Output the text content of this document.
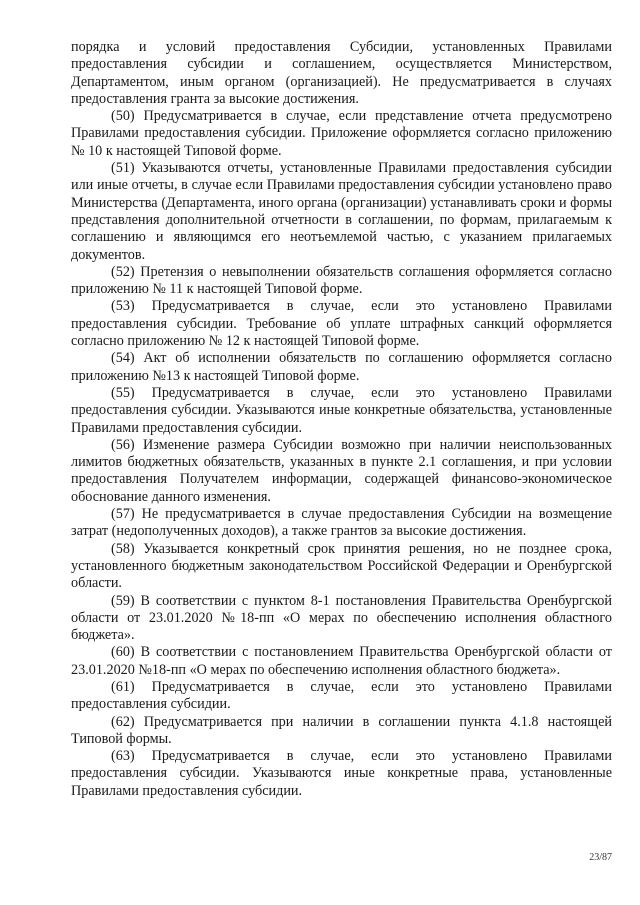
порядка и условий предоставления Субсидии, установленных Правилами предоставления субсидии и соглашением, осуществляется Министерством, Департаментом, иным органом (организацией). Не предусматривается в случаях предоставления гранта за высокие достижения.

(50) Предусматривается в случае, если представление отчета предусмотрено Правилами предоставления субсидии. Приложение оформляется согласно приложению № 10 к настоящей Типовой форме.

(51) Указываются отчеты, установленные Правилами предоставления субсидии или иные отчеты, в случае если Правилами предоставления субсидии установлено право Министерства (Департамента, иного органа (организации) устанавливать сроки и формы представления дополнительной отчетности в соглашении, по формам, прилагаемым к соглашению и являющимся его неотъемлемой частью, с указанием прилагаемых документов.

(52) Претензия о невыполнении обязательств соглашения оформляется согласно приложению № 11 к настоящей Типовой форме.

(53) Предусматривается в случае, если это установлено Правилами предоставления субсидии. Требование об уплате штрафных санкций оформляется согласно приложению № 12 к настоящей Типовой форме.

(54) Акт об исполнении обязательств по соглашению оформляется согласно приложению №13 к настоящей Типовой форме.

(55) Предусматривается в случае, если это установлено Правилами предоставления субсидии. Указываются иные конкретные обязательства, установленные Правилами предоставления субсидии.

(56) Изменение размера Субсидии возможно при наличии неиспользованных лимитов бюджетных обязательств, указанных в пункте 2.1 соглашения, и при условии предоставления Получателем информации, содержащей финансово-экономическое обоснование данного изменения.

(57) Не предусматривается в случае предоставления Субсидии на возмещение затрат (недополученных доходов), а также грантов за высокие достижения.

(58) Указывается конкретный срок принятия решения, но не позднее срока, установленного бюджетным законодательством Российской Федерации и Оренбургской области.

(59) В соответствии с пунктом 8-1 постановления Правительства Оренбургской области от 23.01.2020 №18-пп «О мерах по обеспечению исполнения областного бюджета».

(60) В соответствии с постановлением Правительства Оренбургской области от 23.01.2020 №18-пп «О мерах по обеспечению исполнения областного бюджета».

(61) Предусматривается в случае, если это установлено Правилами предоставления субсидии.

(62) Предусматривается при наличии в соглашении пункта 4.1.8 настоящей Типовой формы.

(63) Предусматривается в случае, если это установлено Правилами предоставления субсидии. Указываются иные конкретные права, установленные Правилами предоставления субсидии.

23/87
